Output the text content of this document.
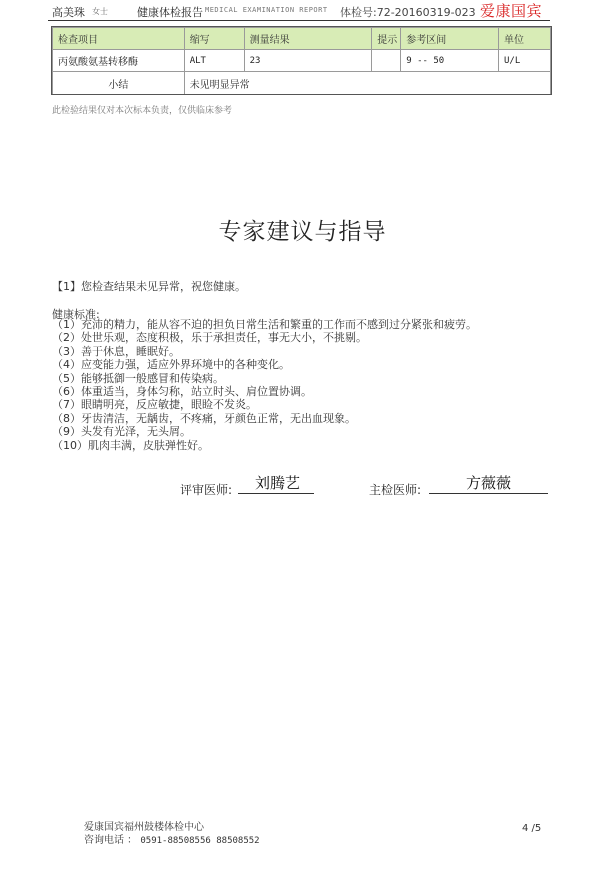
高美珠 女士	健康体检报告 MEDICAL EXAMINATION REPORT 体检号:72-20160319-023 爱康国宾
检查项目	缩写	测量结果	提示	参考区间	单位
丙氨酸氨基转移酶	ALT	23		9 -- 50	U/L
小结	未见明显异常				
此检验结果仅对本次标本负责，仅供临床参考
专家建议与指导
【1】您检查结果未见异常，祝您健康。
健康标准:
（1）充沛的精力，能从容不迫的担负日常生活和繁重的工作而不感到过分紧张和疲劳。
（2）处世乐观，态度积极，乐于承担责任，事无大小，不挑剔。
（3）善于休息，睡眠好。
（4）应变能力强，适应外界环境中的各种变化。
（5）能够抵御一般感冒和传染病。
（6）体重适当，身体匀称，站立时头、肩位置协调。
（7）眼睛明亮，反应敏捷，眼睑不发炎。
（8）牙齿清洁，无龋齿，不疼痛，牙颜色正常，无出血现象。
（9）头发有光泽，无头屑。
（10）肌肉丰满，皮肤弹性好。
评审医师: 刘腾艺	主检医师:	方薇薇
爱康国宾福州鼓楼体检中心
咨询电话 ： 0591-88508556 88508552
4 /5
